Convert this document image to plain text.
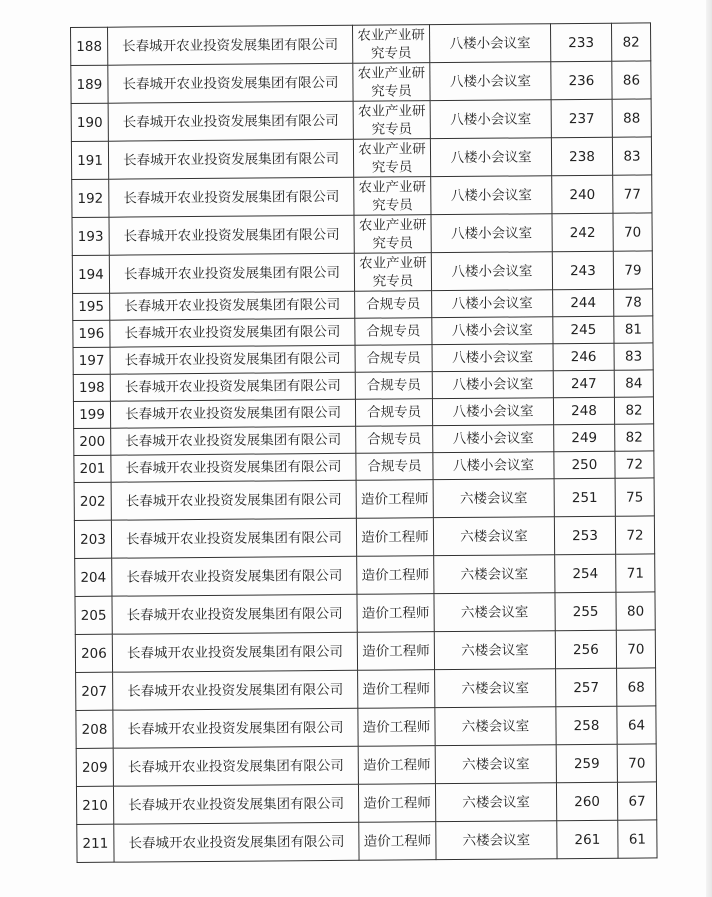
188	长春城开农业投资发展集团有限公司	农业产业研究专员	八楼小会议室	233	82
189	长春城开农业投资发展集团有限公司	农业产业研究专员	八楼小会议室	236	86
190	长春城开农业投资发展集团有限公司	农业产业研究专员	八楼小会议室	237	88
191	长春城开农业投资发展集团有限公司	农业产业研究专员	八楼小会议室	238	83
192	长春城开农业投资发展集团有限公司	农业产业研究专员	八楼小会议室	240	77
193	长春城开农业投资发展集团有限公司	农业产业研究专员	八楼小会议室	242	70
194	长春城开农业投资发展集团有限公司	农业产业研究专员	八楼小会议室	243	79
195	长春城开农业投资发展集团有限公司	合规专员	八楼小会议室	244	78
196	长春城开农业投资发展集团有限公司	合规专员	八楼小会议室	245	81
197	长春城开农业投资发展集团有限公司	合规专员	八楼小会议室	246	83
198	长春城开农业投资发展集团有限公司	合规专员	八楼小会议室	247	84
199	长春城开农业投资发展集团有限公司	合规专员	八楼小会议室	248	82
200	长春城开农业投资发展集团有限公司	合规专员	八楼小会议室	249	82
201	长春城开农业投资发展集团有限公司	合规专员	八楼小会议室	250	72
202	长春城开农业投资发展集团有限公司	造价工程师	六楼会议室	251	75
203	长春城开农业投资发展集团有限公司	造价工程师	六楼会议室	253	72
204	长春城开农业投资发展集团有限公司	造价工程师	六楼会议室	254	71
205	长春城开农业投资发展集团有限公司	造价工程师	六楼会议室	255	80
206	长春城开农业投资发展集团有限公司	造价工程师	六楼会议室	256	70
207	长春城开农业投资发展集团有限公司	造价工程师	六楼会议室	257	68
208	长春城开农业投资发展集团有限公司	造价工程师	六楼会议室	258	64
209	长春城开农业投资发展集团有限公司	造价工程师	六楼会议室	259	70
210	长春城开农业投资发展集团有限公司	造价工程师	六楼会议室	260	67
211	长春城开农业投资发展集团有限公司	造价工程师	六楼会议室	261	61
